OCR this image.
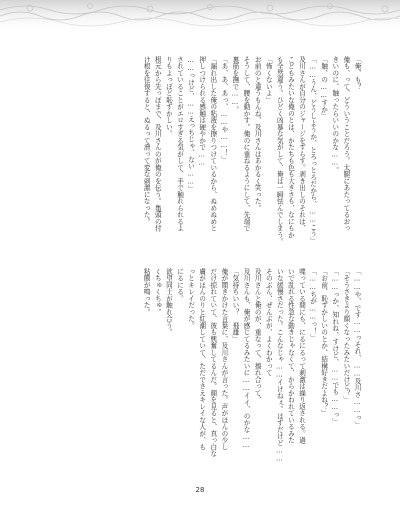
「俺、も？
俺も、って、どういうことだろう。太腿にあたってるおっ
きいのに、触ったらいいのかな……。
「触、の……すか」
「……うん、どうしようか、とろっとろだから、……こう」
及川さんが自分のジャージをずらす。剥き出しのそれは、
こどもみたいな俺のとは、かたちも色も大きさも、なにもか
も全然違う。ひどく凶暴な気がして、俺は一瞬怯んでしまう。
「怖くないよ」
お前のと違うもんね、及川さんはあかるく笑った。
そうして、腰を動かす。俺のに重ねるようにして、先端で
裏筋を撫で……。
「あ、あ、あっ、……や……！」
「漏れ出した俺の粘液を擦りつけているから、ぬめぬめと
押しつけられる感触は硬やかで……
……っけど、……えっちじゃ、ない……」
されていることがエロすぎる気がして、手で触れられるよ
りもよっぽど恥ずかしい。
根元から先っぽまで、及川さんのが俺のを伝う。亀頭の付
け根を往復すると、ぬるって滑って変な刺激になった。
「……や、です……っそれ、……及川さ……っ」
「そうさきより顔くなったみたいだけど？」
「……っか、知れね、すけど、……でも……っ」
「お前、恥ずかしいのとか、結構好きだよね？」
「……ちが……っ！」
喋っている間にも、にるにるって刺激は繰り返される。過
いで乱れる性急な動きじゃなくて、からかわれているみた
いな緩慢さだった。こんなじゃ……イけねぇ。はずだけど……
そのぶん、ぜんぶが、よくわかって
及川さんと俺のが、重なって、擦れ合って、
及川さんも、俺が感じてるみたいに……イイ、のかな……
「気持ちいい？　飛雄」
俺が聞きかけた言葉に、及川さんが言った。声がほんの少し
だけ掠れていて、彼も興奮してるんだ。顔を見ると、真っ白な
膚がほんのりと紅潮していて、ただでさえキレイな人が、も
っとキレイだった。
にるにる。
欲望同士が触れ合う。
くちゅくちゅ。
粘膜が鳴った。
28
